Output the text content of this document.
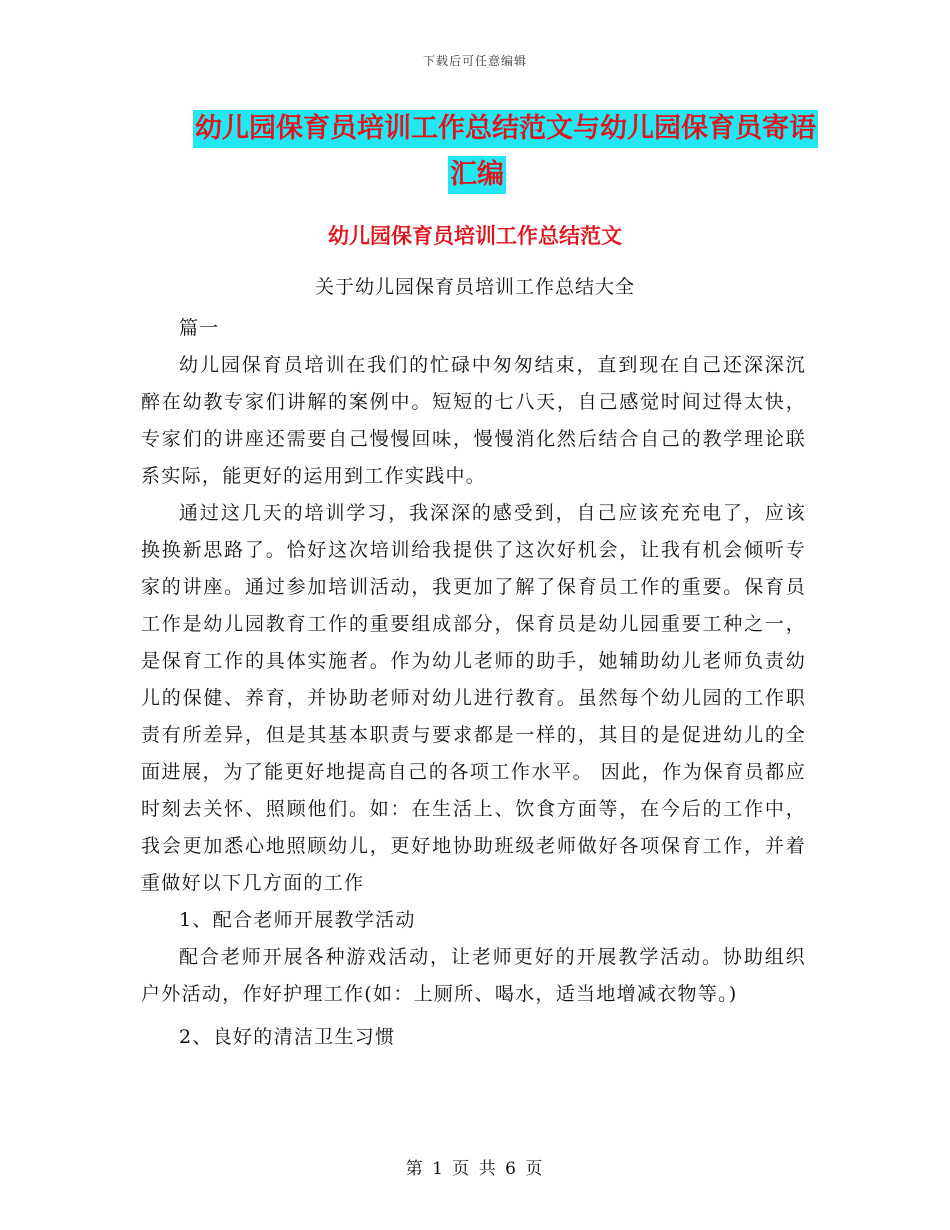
下载后可任意编辑
幼儿园保育员培训工作总结范文与幼儿园保育员寄语
汇编
幼儿园保育员培训工作总结范文
关于幼儿园保育员培训工作总结大全

篇一

幼儿园保育员培训在我们的忙碌中匆匆结束，直到现在自己还深深沉醉在幼教专家们讲解的案例中。短短的七八天，自己感觉时间过得太快，专家们的讲座还需要自己慢慢回味，慢慢消化然后结合自己的教学理论联系实际，能更好的运用到工作实践中。

通过这几天的培训学习，我深深的感受到，自己应该充充电了，应该换换新思路了。恰好这次培训给我提供了这次好机会，让我有机会倾听专家的讲座。通过参加培训活动，我更加了解了保育员工作的重要。保育员工作是幼儿园教育工作的重要组成部分，保育员是幼儿园重要工种之一，是保育工作的具体实施者。作为幼儿老师的助手，她辅助幼儿老师负责幼儿的保健、养育，并协助老师对幼儿进行教育。虽然每个幼儿园的工作职责有所差异，但是其基本职责与要求都是一样的，其目的是促进幼儿的全面进展，为了能更好地提高自己的各项工作水平。 因此，作为保育员都应时刻去关怀、照顾他们。如：在生活上、饮食方面等，在今后的工作中，我会更加悉心地照顾幼儿，更好地协助班级老师做好各项保育工作，并着重做好以下几方面的工作

1、配合老师开展教学活动

配合老师开展各种游戏活动，让老师更好的开展教学活动。协助组织户外活动，作好护理工作(如：上厕所、喝水，适当地增减衣物等。)

2、良好的清洁卫生习惯

第 1 页 共 6 页
